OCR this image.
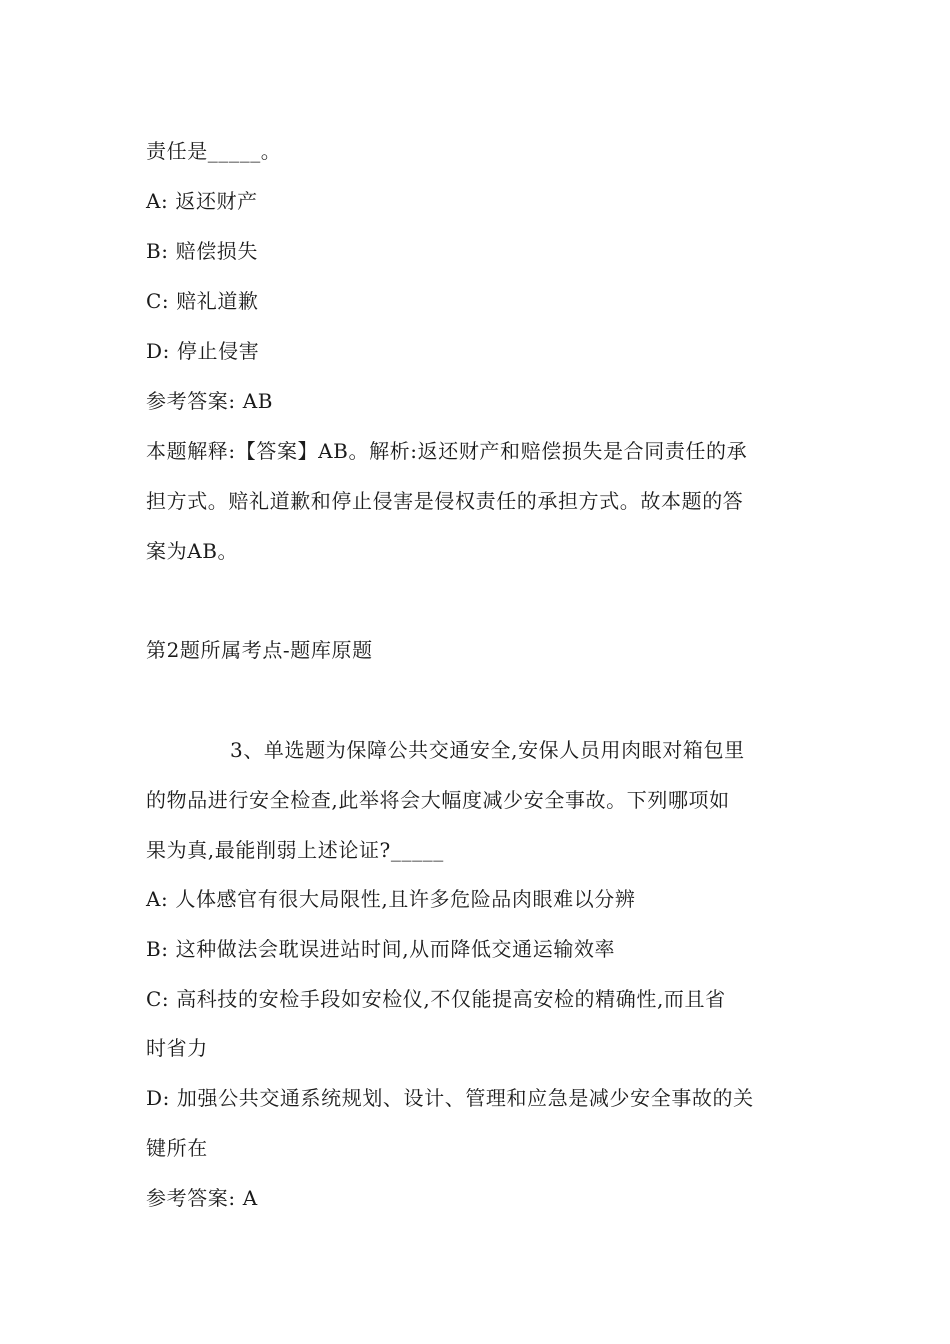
责任是_____。
A: 返还财产
B: 赔偿损失
C: 赔礼道歉
D: 停止侵害
参考答案: AB
本题解释:【答案】AB。解析:返还财产和赔偿损失是合同责任的承
担方式。赔礼道歉和停止侵害是侵权责任的承担方式。故本题的答
案为AB。
第2题所属考点-题库原题
3、单选题为保障公共交通安全,安保人员用肉眼对箱包里
的物品进行安全检查,此举将会大幅度减少安全事故。下列哪项如
果为真,最能削弱上述论证?_____
A: 人体感官有很大局限性,且许多危险品肉眼难以分辨
B: 这种做法会耽误进站时间,从而降低交通运输效率
C: 高科技的安检手段如安检仪,不仅能提高安检的精确性,而且省
时省力
D: 加强公共交通系统规划、设计、管理和应急是减少安全事故的关
键所在
参考答案: A
